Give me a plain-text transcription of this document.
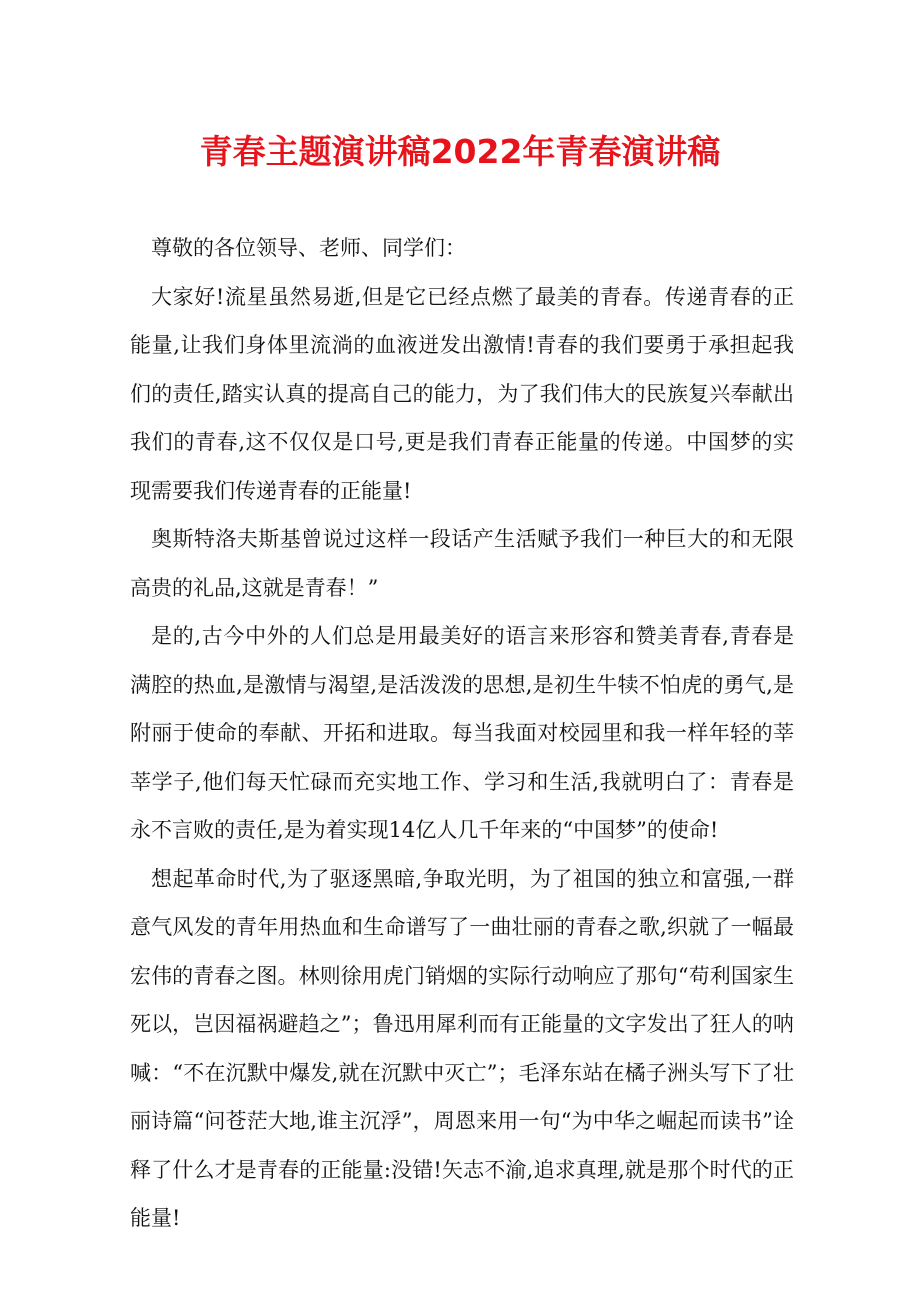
青春主题演讲稿2022年青春演讲稿

尊敬的各位领导、老师、同学们：

大家好!流星虽然易逝,但是它已经点燃了最美的青春。传递青春的正能量,让我们身体里流淌的血液迸发出激情!青春的我们要勇于承担起我们的责任,踏实认真的提高自己的能力，为了我们伟大的民族复兴奉献出我们的青春,这不仅仅是口号,更是我们青春正能量的传递。中国梦的实现需要我们传递青春的正能量!

奥斯特洛夫斯基曾说过这样一段话产生活赋予我们一种巨大的和无限高贵的礼品,这就是青春！”

是的,古今中外的人们总是用最美好的语言来形容和赞美青春,青春是满腔的热血,是激情与渴望,是活泼泼的思想,是初生牛犊不怕虎的勇气,是附丽于使命的奉献、开拓和进取。每当我面对校园里和我一样年轻的莘莘学子,他们每天忙碌而充实地工作、学习和生活,我就明白了：青春是永不言败的责任,是为着实现14亿人几千年来的“中国梦”的使命!

想起革命时代,为了驱逐黑暗,争取光明，为了祖国的独立和富强,一群意气风发的青年用热血和生命谱写了一曲壮丽的青春之歌,织就了一幅最宏伟的青春之图。林则徐用虎门销烟的实际行动响应了那句“苟利国家生死以，岂因福祸避趋之”；鲁迅用犀利而有正能量的文字发出了狂人的呐喊：“不在沉默中爆发,就在沉默中灭亡”；毛泽东站在橘子洲头写下了壮丽诗篇“问苍茫大地,谁主沉浮”，周恩来用一句“为中华之崛起而读书”诠释了什么才是青春的正能量:没错!矢志不渝,追求真理,就是那个时代的正能量!
